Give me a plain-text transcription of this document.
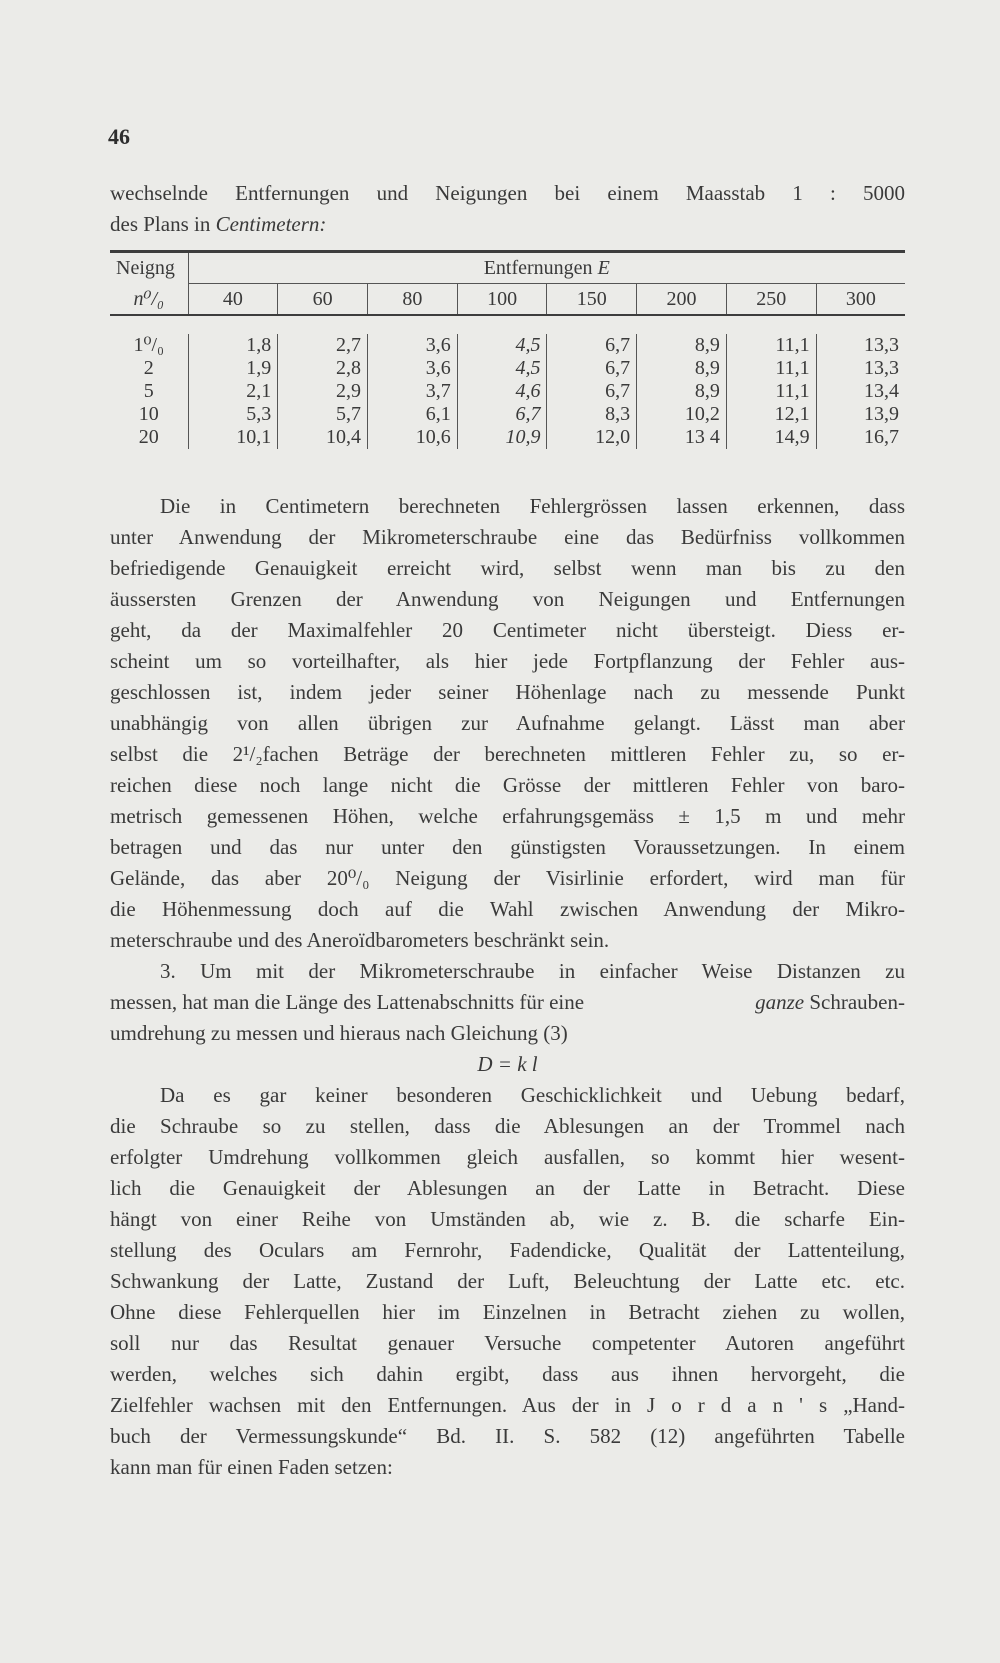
46
wechselnde Entfernungen und Neigungen bei einem Maasstab 1 : 5000
des Plans in Centimetern:
Neigng	Entfernungen E							
n⁰/₀	40	60	80	100	150	200	250	300

1⁰/₀	1,8	2,7	3,6	4,5	6,7	8,9	11,1	13,3
2	1,9	2,8	3,6	4,5	6,7	8,9	11,1	13,3
5	2,1	2,9	3,7	4,6	6,7	8,9	11,1	13,4
10	5,3	5,7	6,1	6,7	8,3	10,2	12,1	13,9
20	10,1	10,4	10,6	10,9	12,0	13 4	14,9	16,7
Die in Centimetern berechneten Fehlergrössen lassen erkennen, dass
unter Anwendung der Mikrometerschraube eine das Bedürfniss vollkommen
befriedigende Genauigkeit erreicht wird, selbst wenn man bis zu den
äussersten Grenzen der Anwendung von Neigungen und Entfernungen
geht, da der Maximalfehler 20 Centimeter nicht übersteigt. Diess er-
scheint um so vorteilhafter, als hier jede Fortpflanzung der Fehler aus-
geschlossen ist, indem jeder seiner Höhenlage nach zu messende Punkt
unabhängig von allen übrigen zur Aufnahme gelangt. Lässt man aber
selbst die 2¹/₂fachen Beträge der berechneten mittleren Fehler zu, so er-
reichen diese noch lange nicht die Grösse der mittleren Fehler von baro-
metrisch gemessenen Höhen, welche erfahrungsgemäss ± 1,5 m und mehr
betragen und das nur unter den günstigsten Voraussetzungen. In einem
Gelände, das aber 20⁰/₀ Neigung der Visirlinie erfordert, wird man für
die Höhenmessung doch auf die Wahl zwischen Anwendung der Mikro-
meterschraube und des Aneroïdbarometers beschränkt sein.
3. Um mit der Mikrometerschraube in einfacher Weise Distanzen zu
messen, hat man die Länge des Lattenabschnitts für eine	ganze Schrauben-
umdrehung zu messen und hieraus nach Gleichung (3)
D = k l
Da es gar keiner besonderen Geschicklichkeit und Uebung bedarf,
die Schraube so zu stellen, dass die Ablesungen an der Trommel nach
erfolgter Umdrehung vollkommen gleich ausfallen, so kommt hier wesent-
lich die Genauigkeit der Ablesungen an der Latte in Betracht. Diese
hängt von einer Reihe von Umständen ab, wie z. B. die scharfe Ein-
stellung des Oculars am Fernrohr, Fadendicke, Qualität der Lattenteilung,
Schwankung der Latte, Zustand der Luft, Beleuchtung der Latte etc. etc.
Ohne diese Fehlerquellen hier im Einzelnen in Betracht ziehen zu wollen,
soll nur das Resultat genauer Versuche competenter Autoren angeführt
werden, welches sich dahin ergibt, dass aus ihnen hervorgeht, die
Zielfehler wachsen mit den Entfernungen. Aus der in J o r d a n ' s „Hand-
buch der Vermessungskunde“ Bd. II. S. 582 (12) angeführten Tabelle
kann man für einen Faden setzen:
